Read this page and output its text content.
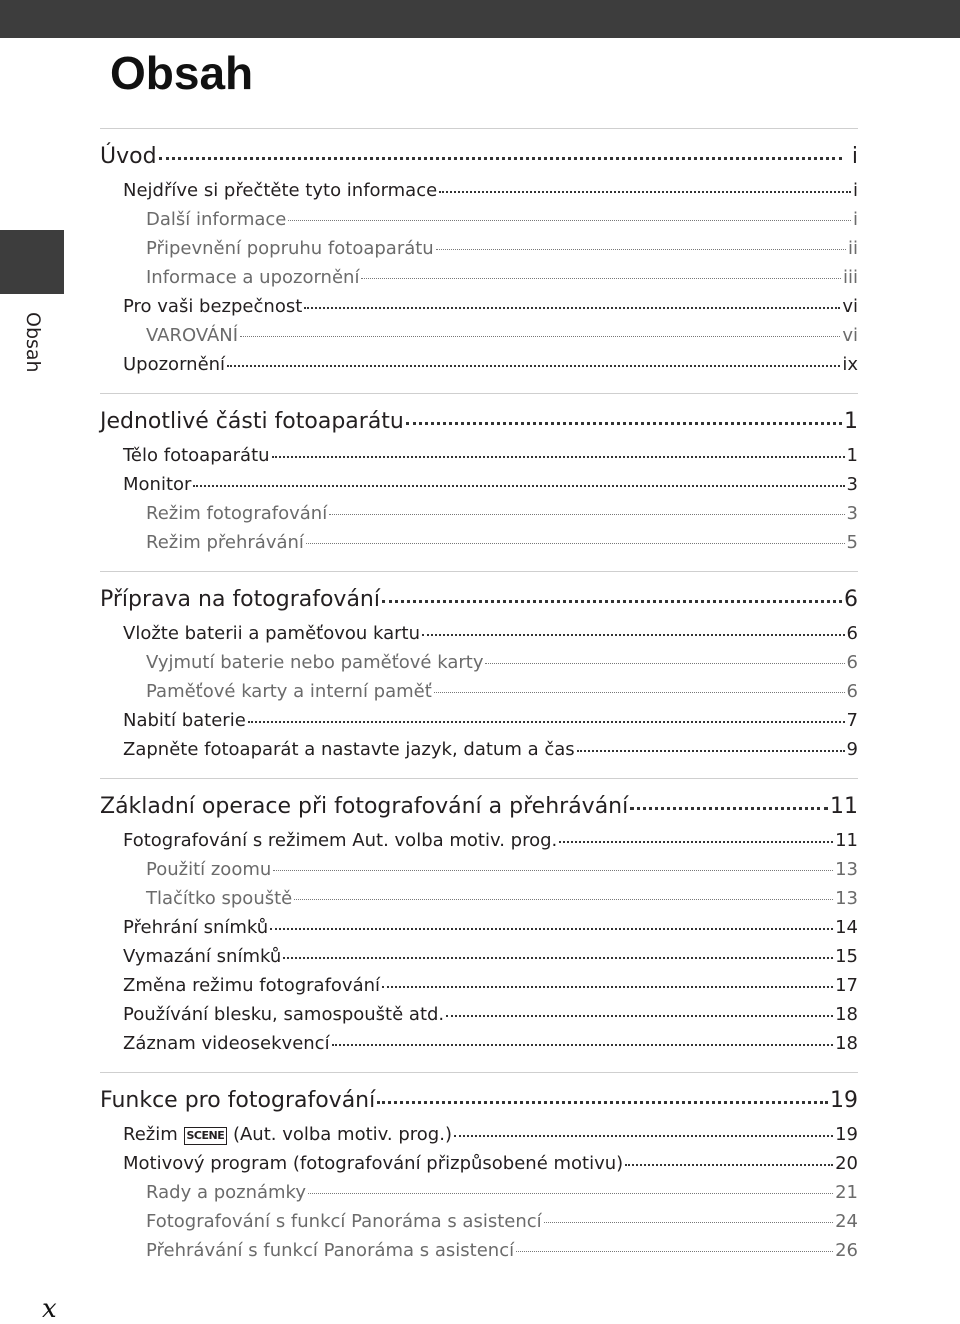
Obsah
Obsah
Úvod	i
Nejdříve si přečtěte tyto informace	i
Další informace	i
Připevnění popruhu fotoaparátu	ii
Informace a upozornění	iii
Pro vaši bezpečnost	vi
VAROVÁNÍ	vi
Upozornění	ix
Jednotlivé části fotoaparátu	1
Tělo fotoaparátu	1
Monitor	3
Režim fotografování	3
Režim přehrávání	5
Příprava na fotografování	6
Vložte baterii a paměťovou kartu	6
Vyjmutí baterie nebo paměťové karty	6
Paměťové karty a interní paměť	6
Nabití baterie	7
Zapněte fotoaparát a nastavte jazyk, datum a čas	9
Základní operace při fotografování a přehrávání	11
Fotografování s režimem Aut. volba motiv. prog.	11
Použití zoomu	13
Tlačítko spouště	13
Přehrání snímků	14
Vymazání snímků	15
Změna režimu fotografování	17
Používání blesku, samospouště atd.	18
Záznam videosekvencí	18
Funkce pro fotografování	19
Režim SCENE (Aut. volba motiv. prog.)	19
Motivový program (fotografování přizpůsobené motivu)	20
Rady a poznámky	21
Fotografování s funkcí Panoráma s asistencí	24
Přehrávání s funkcí Panoráma s asistencí	26
x
